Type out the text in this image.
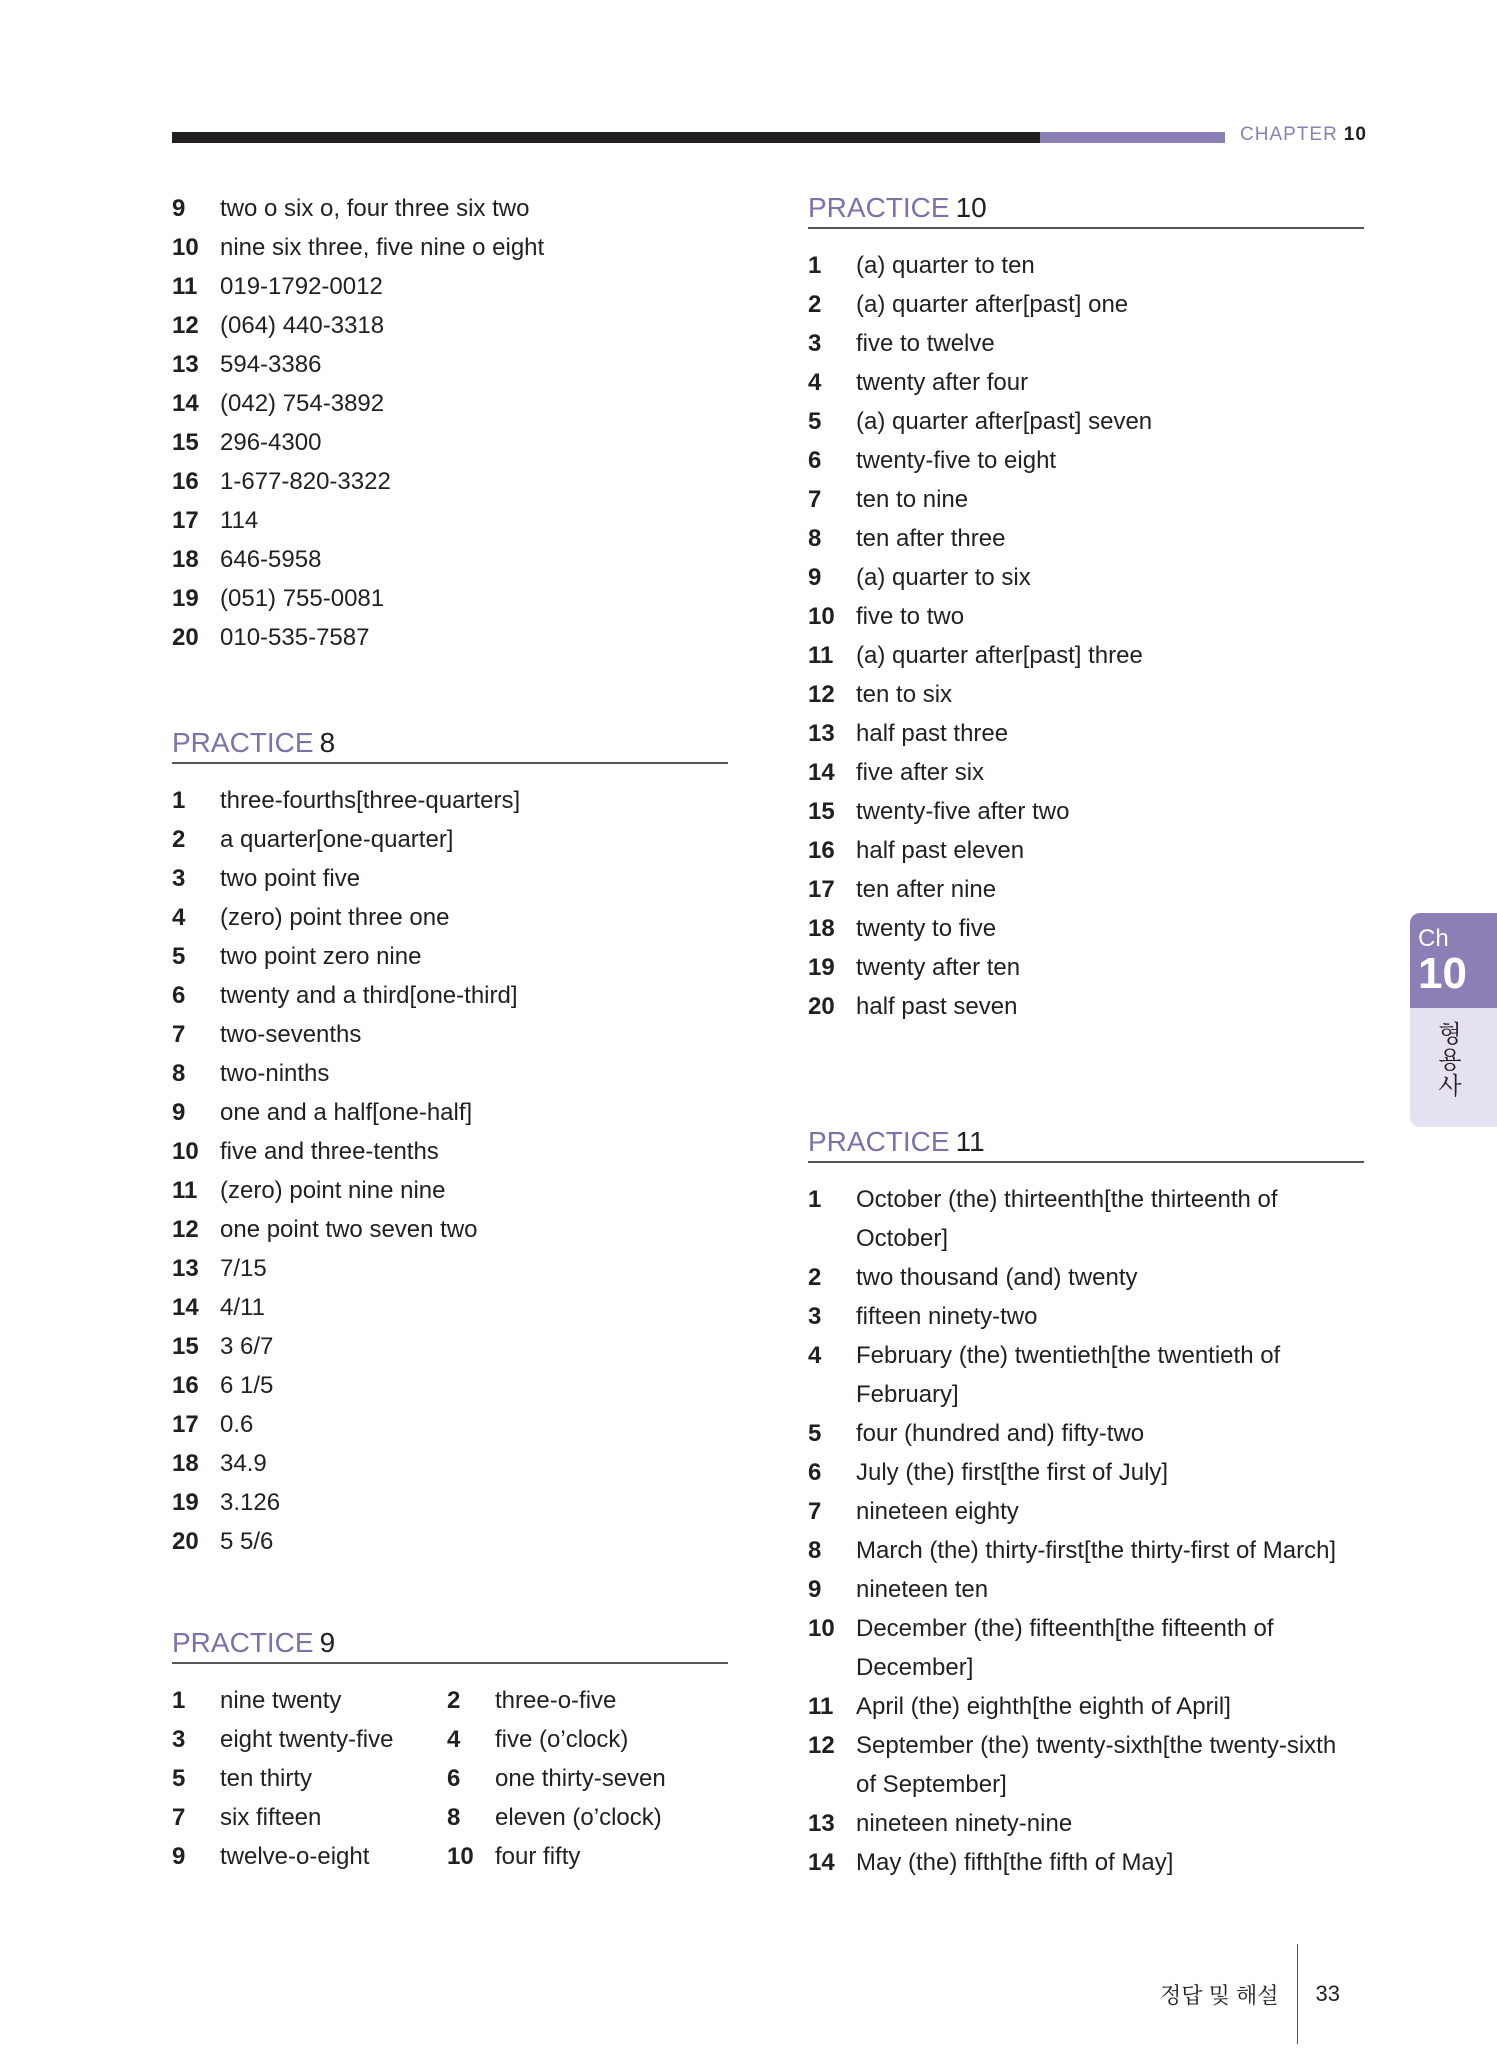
CHAPTER 10
9	two o six o, four three six two
10 nine six three, five nine o eight
11 019-1792-0012
12 (064) 440-3318
13 594-3386
14 (042) 754-3892
15 296-4300
16 1-677-820-3322
17 114
18 646-5958
19 (051) 755-0081
20 010-535-7587
PRACTICE 8
1	three-fourths[three-quarters]
2	a quarter[one-quarter]
3	two point five
4	(zero) point three one
5	two point zero nine
6	twenty and a third[one-third]
7	two-sevenths
8	two-ninths
9	one and a half[one-half]
10 five and three-tenths
11 (zero) point nine nine
12 one point two seven two
13 7/15
14 4/11
15 3 6/7
16 6 1/5
17 0.6
18 34.9
19 3.126
20 5 5/6
PRACTICE 9
1	nine twenty	2	three-o-five
3	eight twenty-five	4	five (o’clock)
5	ten thirty	6	one thirty-seven
7	six fifteen	8	eleven (o’clock)
9	twelve-o-eight	10 four fifty
PRACTICE 10
1	(a) quarter to ten
2	(a) quarter after[past] one
3	five to twelve
4	twenty after four
5	(a) quarter after[past] seven
6	twenty-five to eight
7	ten to nine
8	ten after three
9	(a) quarter to six
10 five to two
11 (a) quarter after[past] three
12 ten to six
13 half past three
14 five after six
15 twenty-five after two
16 half past eleven
17 ten after nine
18 twenty to five
19 twenty after ten
20 half past seven
PRACTICE 11
1	October (the) thirteenth[the thirteenth of
October]
2	two thousand (and) twenty
3	fifteen ninety-two
4	February (the) twentieth[the twentieth of
February]
5	four (hundred and) fifty-two
6	July (the) first[the first of July]
7	nineteen eighty
8	March (the) thirty-first[the thirty-first of March]
9	nineteen ten
10 December (the) fifteenth[the fifteenth of
December]
11 April (the) eighth[the eighth of April]
12 September (the) twenty-sixth[the twenty-sixth
of September]
13 nineteen ninety-nine
14 May (the) fifth[the fifth of May]
Ch
10
형용사
정답 및 해설 33
